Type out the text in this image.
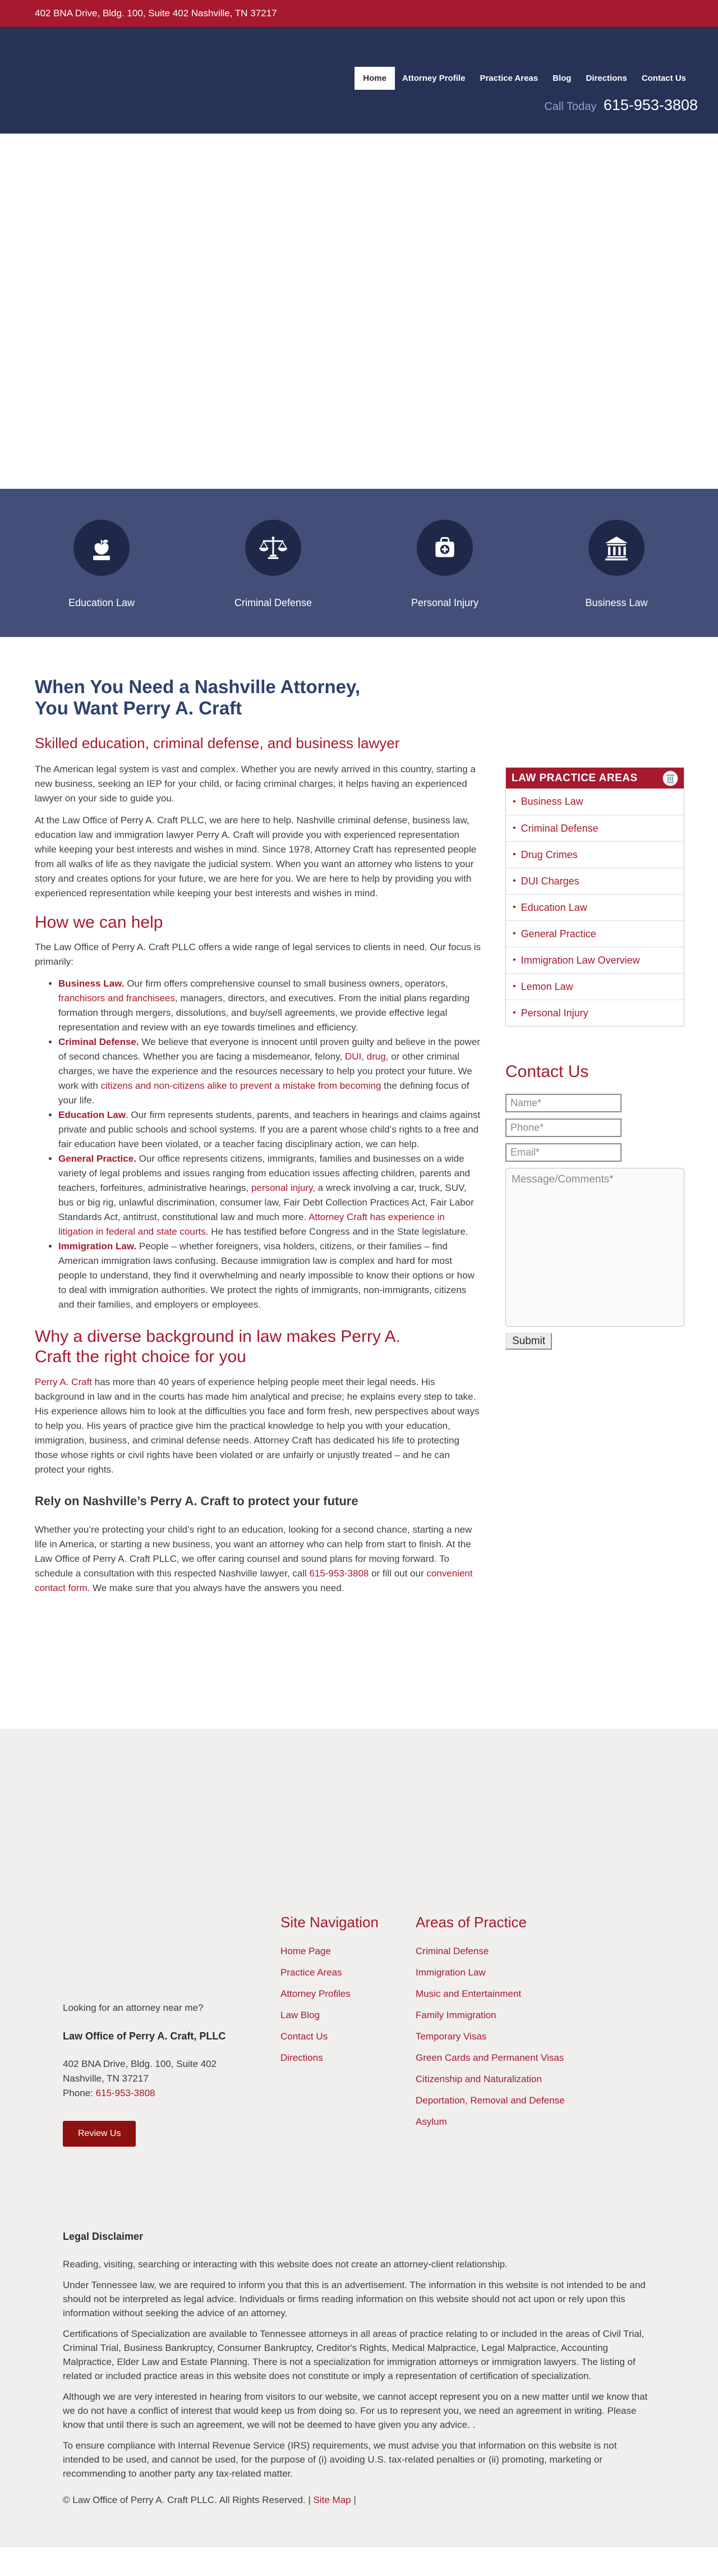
402 BNA Drive, Bldg. 100, Suite 402 Nashville, TN 37217
Home	Attorney Profile	Practice Areas	Blog	Directions	Contact Us
Call Today 615-953-3808
Education Law	Criminal Defense	Personal Injury	Business Law
When You Need a Nashville Attorney, You Want Perry A. Craft
Skilled education, criminal defense, and business lawyer

The American legal system is vast and complex. Whether you are newly arrived in this country, starting a new business, seeking an IEP for your child, or facing criminal charges, it helps having an experienced lawyer on your side to guide you.

At the Law Office of Perry A. Craft PLLC, we are here to help. Nashville criminal defense, business law, education law and immigration lawyer Perry A. Craft will provide you with experienced representation while keeping your best interests and wishes in mind. Since 1978, Attorney Craft has represented people from all walks of life as they navigate the judicial system. When you want an attorney who listens to your story and creates options for your future, we are here for you. We are here to help by providing you with experienced representation while keeping your best interests and wishes in mind.

How we can help

The Law Office of Perry A. Craft PLLC offers a wide range of legal services to clients in need. Our focus is primarily:

• Business Law. Our firm offers comprehensive counsel to small business owners, operators, franchisors and franchisees, managers, directors, and executives. From the initial plans regarding formation through mergers, dissolutions, and buy/sell agreements, we provide effective legal representation and review with an eye towards timelines and efficiency.
• Criminal Defense. We believe that everyone is innocent until proven guilty and believe in the power of second chances. Whether you are facing a misdemeanor, felony, DUI, drug, or other criminal charges, we have the experience and the resources necessary to help you protect your future. We work with citizens and non-citizens alike to prevent a mistake from becoming the defining focus of your life.
• Education Law. Our firm represents students, parents, and teachers in hearings and claims against private and public schools and school systems. If you are a parent whose child’s rights to a free and fair education have been violated, or a teacher facing disciplinary action, we can help.
• General Practice. Our office represents citizens, immigrants, families and businesses on a wide variety of legal problems and issues ranging from education issues affecting children, parents and teachers, forfeitures, administrative hearings, personal injury, a wreck involving a car, truck, SUV, bus or big rig, unlawful discrimination, consumer law, Fair Debt Collection Practices Act, Fair Labor Standards Act, antitrust, constitutional law and much more. Attorney Craft has experience in litigation in federal and state courts. He has testified before Congress and in the State legislature.
• Immigration Law. People – whether foreigners, visa holders, citizens, or their families – find American immigration laws confusing. Because immigration law is complex and hard for most people to understand, they find it overwhelming and nearly impossible to know their options or how to deal with immigration authorities. We protect the rights of immigrants, non-immigrants, citizens and their families, and employers or employees.
Why a diverse background in law makes Perry A. Craft the right choice for you

Perry A. Craft has more than 40 years of experience helping people meet their legal needs. His background in law and in the courts has made him analytical and precise; he explains every step to take. His experience allows him to look at the difficulties you face and form fresh, new perspectives about ways to help you. His years of practice give him the practical knowledge to help you with your education, immigration, business, and criminal defense needs. Attorney Craft has dedicated his life to protecting those whose rights or civil rights have been violated or are unfairly or unjustly treated – and he can protect your rights.

Rely on Nashville’s Perry A. Craft to protect your future

Whether you’re protecting your child’s right to an education, looking for a second chance, starting a new life in America, or starting a new business, you want an attorney who can help from start to finish. At the Law Office of Perry A. Craft PLLC, we offer caring counsel and sound plans for moving forward. To schedule a consultation with this respected Nashville lawyer, call 615-953-3808 or fill out our convenient contact form. We make sure that you always have the answers you need.

LAW PRACTICE AREAS
• Business Law
• Criminal Defense
• Drug Crimes
• DUI Charges
• Education Law
• General Practice
• Immigration Law Overview
• Lemon Law
• Personal Injury
Contact Us
Name*
Phone*
Email*
Message/Comments* Submit

Looking for an attorney near me?

Law Office of Perry A. Craft, PLLC

402 BNA Drive, Bldg. 100, Suite 402

Nashville, TN 37217

Phone: 615-953-3808

Review Us
Site Navigation
Home Page
Practice Areas
Attorney Profiles
Law Blog
Contact Us
Directions
Areas of Practice
Criminal Defense
Immigration Law
Music and Entertainment
Family Immigration
Temporary Visas
Green Cards and Permanent Visas
Citizenship and Naturalization
Deportation, Removal and Defense
Asylum
Legal Disclaimer

Reading, visiting, searching or interacting with this website does not create an attorney-client relationship.

Under Tennessee law, we are required to inform you that this is an advertisement. The information in this website is not intended to be and should not be interpreted as legal advice. Individuals or firms reading information on this website should not act upon or rely upon this information without seeking the advice of an attorney.

Certifications of Specialization are available to Tennessee attorneys in all areas of practice relating to or included in the areas of Civil Trial, Criminal Trial, Business Bankruptcy, Consumer Bankruptcy, Creditor's Rights, Medical Malpractice, Legal Malpractice, Accounting Malpractice, Elder Law and Estate Planning. There is not a specialization for immigration attorneys or immigration lawyers. The listing of related or included practice areas in this website does not constitute or imply a representation of certification of specialization.

Although we are very interested in hearing from visitors to our website, we cannot accept represent you on a new matter until we know that we do not have a conflict of interest that would keep us from doing so. For us to represent you, we need an agreement in writing. Please know that until there is such an agreement, we will not be deemed to have given you any advice. .

To ensure compliance with Internal Revenue Service (IRS) requirements, we must advise you that information on this website is not intended to be used, and cannot be used, for the purpose of (i) avoiding U.S. tax-related penalties or (ii) promoting, marketing or recommending to another party any tax-related matter.

© Law Office of Perry A. Craft PLLC. All Rights Reserved. | Site Map |
